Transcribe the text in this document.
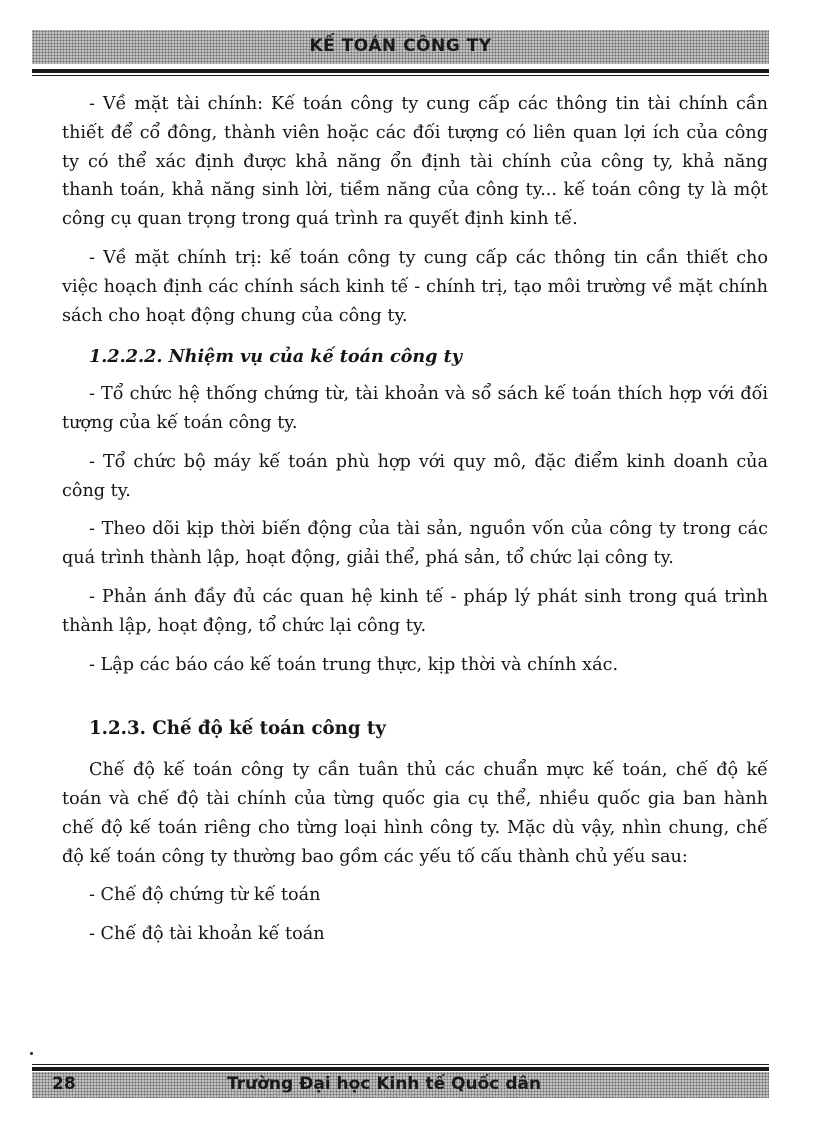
KẾ TOÁN CÔNG TY

- Về mặt tài chính: Kế toán công ty cung cấp các thông tin tài chính cần thiết để cổ đông, thành viên hoặc các đối tượng có liên quan lợi ích của công ty có thể xác định được khả năng ổn định tài chính của công ty, khả năng thanh toán, khả năng sinh lời, tiềm năng của công ty... kế toán công ty là một công cụ quan trọng trong quá trình ra quyết định kinh tế.

- Về mặt chính trị: kế toán công ty cung cấp các thông tin cần thiết cho việc hoạch định các chính sách kinh tế - chính trị, tạo môi trường về mặt chính sách cho hoạt động chung của công ty.

1.2.2.2. Nhiệm vụ của kế toán công ty

- Tổ chức hệ thống chứng từ, tài khoản và sổ sách kế toán thích hợp với đối tượng của kế toán công ty.

- Tổ chức bộ máy kế toán phù hợp với quy mô, đặc điểm kinh doanh của công ty.

- Theo dõi kịp thời biến động của tài sản, nguồn vốn của công ty trong các quá trình thành lập, hoạt động, giải thể, phá sản, tổ chức lại công ty.

- Phản ánh đầy đủ các quan hệ kinh tế - pháp lý phát sinh trong quá trình thành lập, hoạt động, tổ chức lại công ty.

- Lập các báo cáo kế toán trung thực, kịp thời và chính xác.

1.2.3. Chế độ kế toán công ty

Chế độ kế toán công ty cần tuân thủ các chuẩn mực kế toán, chế độ kế toán và chế độ tài chính của từng quốc gia cụ thể, nhiều quốc gia ban hành chế độ kế toán riêng cho từng loại hình công ty. Mặc dù vậy, nhìn chung, chế độ kế toán công ty thường bao gồm các yếu tố cấu thành chủ yếu sau:

- Chế độ chứng từ kế toán

- Chế độ tài khoản kế toán

28	Trường Đại học Kinh tế Quốc dân
